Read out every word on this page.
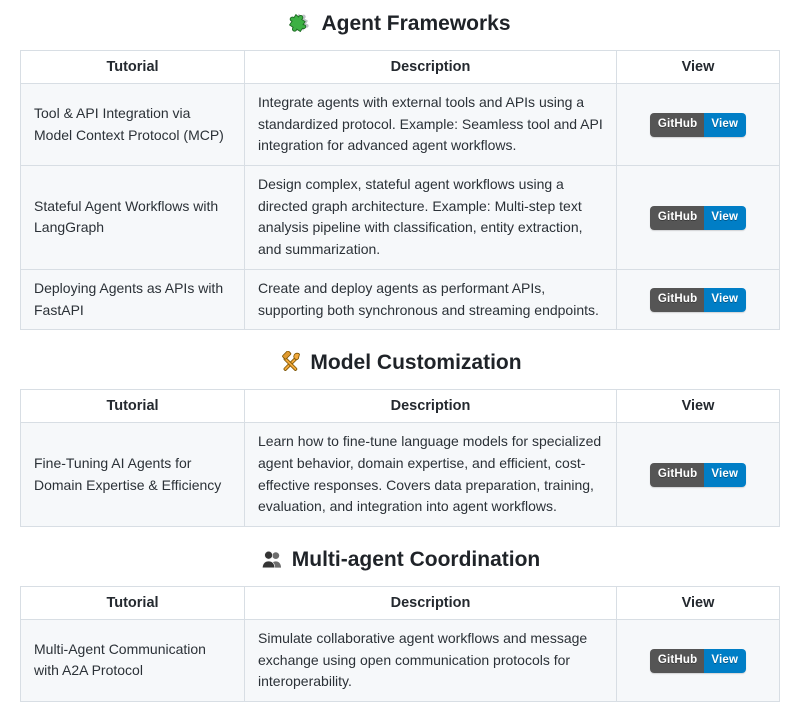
Agent Frameworks
Tutorial	Description	View
Tool & API Integration via Model Context Protocol (MCP)	Integrate agents with external tools and APIs using a standardized protocol. Example: Seamless tool and API integration for advanced agent workflows.	GitHub View

Stateful Agent Workflows with LangGraph	Design complex, stateful agent workflows using a directed graph architecture. Example: Multi-step text analysis pipeline with classification, entity extraction, and summarization.	GitHub View

Deploying Agents as APIs with FastAPI	Create and deploy agents as performant APIs, supporting both synchronous and streaming endpoints.	GitHub View
Model Customization
Tutorial	Description	View
Fine-Tuning AI Agents for Domain Expertise & Efficiency	Learn how to fine-tune language models for specialized agent behavior, domain expertise, and efficient, cost-effective responses. Covers data preparation, training, evaluation, and integration into agent workflows.	GitHub View
Multi-agent Coordination
Tutorial	Description	View
Multi-Agent Communication with A2A Protocol	Simulate collaborative agent workflows and message exchange using open communication protocols for interoperability.	GitHub View
